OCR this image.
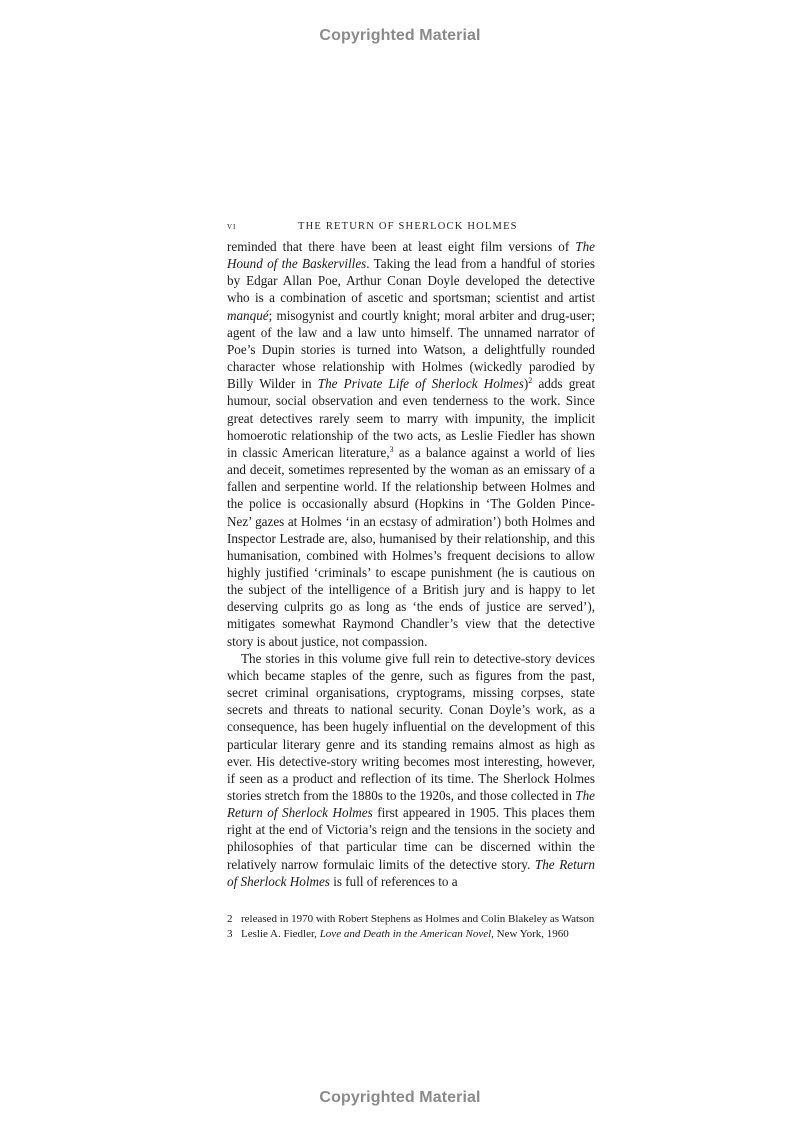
Copyrighted Material
vi	THE RETURN OF SHERLOCK HOLMES

reminded that there have been at least eight film versions of The Hound of the Baskervilles. Taking the lead from a handful of stories by Edgar Allan Poe, Arthur Conan Doyle developed the detective who is a combination of ascetic and sportsman; scientist and artist manqué; misogynist and courtly knight; moral arbiter and drug-user; agent of the law and a law unto himself. The unnamed narrator of Poe’s Dupin stories is turned into Watson, a delightfully rounded character whose relationship with Holmes (wickedly parodied by Billy Wilder in The Private Life of Sherlock Holmes)$^2$ adds great humour, social observation and even tenderness to the work. Since great detectives rarely seem to marry with impunity, the implicit homoerotic relationship of the two acts, as Leslie Fiedler has shown in classic American literature,$^3$ as a balance against a world of lies and deceit, sometimes represented by the woman as an emissary of a fallen and serpentine world. If the relationship between Holmes and the police is occasionally absurd (Hopkins in ‘The Golden Pince-Nez’ gazes at Holmes ‘in an ecstasy of admiration’) both Holmes and Inspector Lestrade are, also, humanised by their relationship, and this humanisation, combined with Holmes’s frequent decisions to allow highly justified ‘criminals’ to escape punishment (he is cautious on the subject of the intelligence of a British jury and is happy to let deserving culprits go as long as ‘the ends of justice are served’), mitigates somewhat Raymond Chandler’s view that the detective story is about justice, not compassion.

The stories in this volume give full rein to detective-story devices which became staples of the genre, such as figures from the past, secret criminal organisations, cryptograms, missing corpses, state secrets and threats to national security. Conan Doyle’s work, as a consequence, has been hugely influential on the development of this particular literary genre and its standing remains almost as high as ever. His detective-story writing becomes most interesting, however, if seen as a product and reflection of its time. The Sherlock Holmes stories stretch from the 1880s to the 1920s, and those collected in The Return of Sherlock Holmes first appeared in 1905. This places them right at the end of Victoria’s reign and the tensions in the society and philosophies of that particular time can be discerned within the relatively narrow formulaic limits of the detective story. The Return of Sherlock Holmes is full of references to a

2 released in 1970 with Robert Stephens as Holmes and Colin Blakeley as Watson
3 Leslie A. Fiedler, Love and Death in the American Novel, New York, 1960
Copyrighted Material
